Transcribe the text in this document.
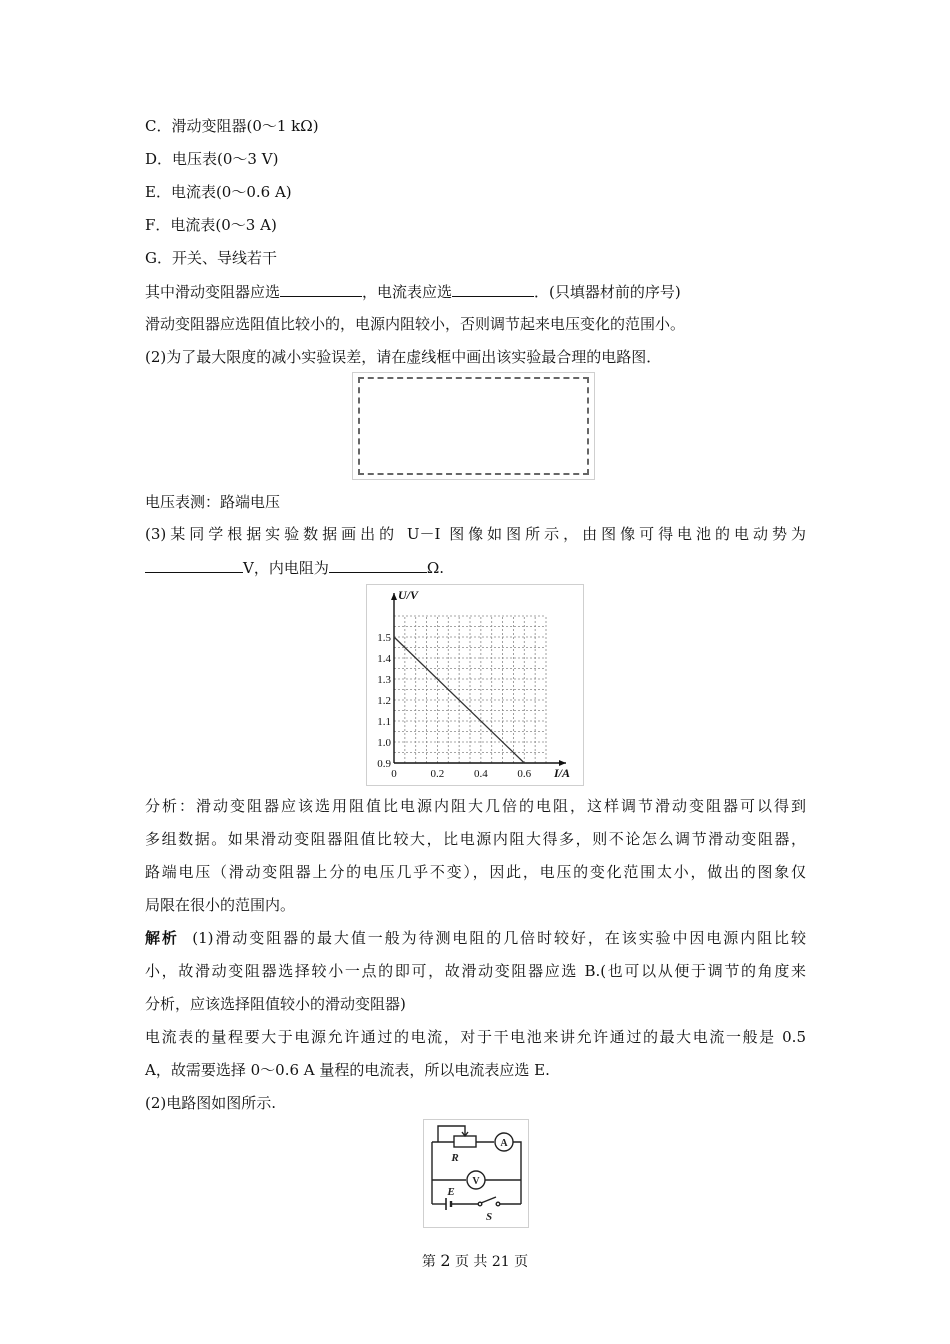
C．滑动变阻器(0～1 kΩ)
D．电压表(0～3 V)
E．电流表(0～0.6 A)
F．电流表(0～3 A)
G．开关、导线若干
其中滑动变阻器应选	，电流表应选	．(只填器材前的序号)
滑动变阻器应选阻值比较小的，电源内阻较小，否则调节起来电压变化的范围小。
(2)为了最大限度的减小实验误差，请在虚线框中画出该实验最合理的电路图．
电压表测：路端电压
(3)某同学根据实验数据画出的 U－I 图像如图所示，由图像可得电池的电动势为
V，内电阻为	Ω.
0.9
1.0
1.1
1.2
1.3
1.4
1.5
0	0.2	0.4	0.6
U/V
I/A
分析：滑动变阻器应该选用阻值比电源内阻大几倍的电阻，这样调节滑动变阻器可以得到
多组数据。如果滑动变阻器阻值比较大，比电源内阻大得多，则不论怎么调节滑动变阻器，
路端电压（滑动变阻器上分的电压几乎不变），因此，电压的变化范围太小，做出的图象仅
局限在很小的范围内。
解析 (1)滑动变阻器的最大值一般为待测电阻的几倍时较好，在该实验中因电源内阻比较
小，故滑动变阻器选择较小一点的即可，故滑动变阻器应选 B.(也可以从便于调节的角度来
分析，应该选择阻值较小的滑动变阻器)
电流表的量程要大于电源允许通过的电流，对于干电池来讲允许通过的最大电流一般是 0.5
A，故需要选择 0～0.6 A 量程的电流表，所以电流表应选 E.
(2)电路图如图所示.
R
A
V
E
S
第 2 页 共 21 页
